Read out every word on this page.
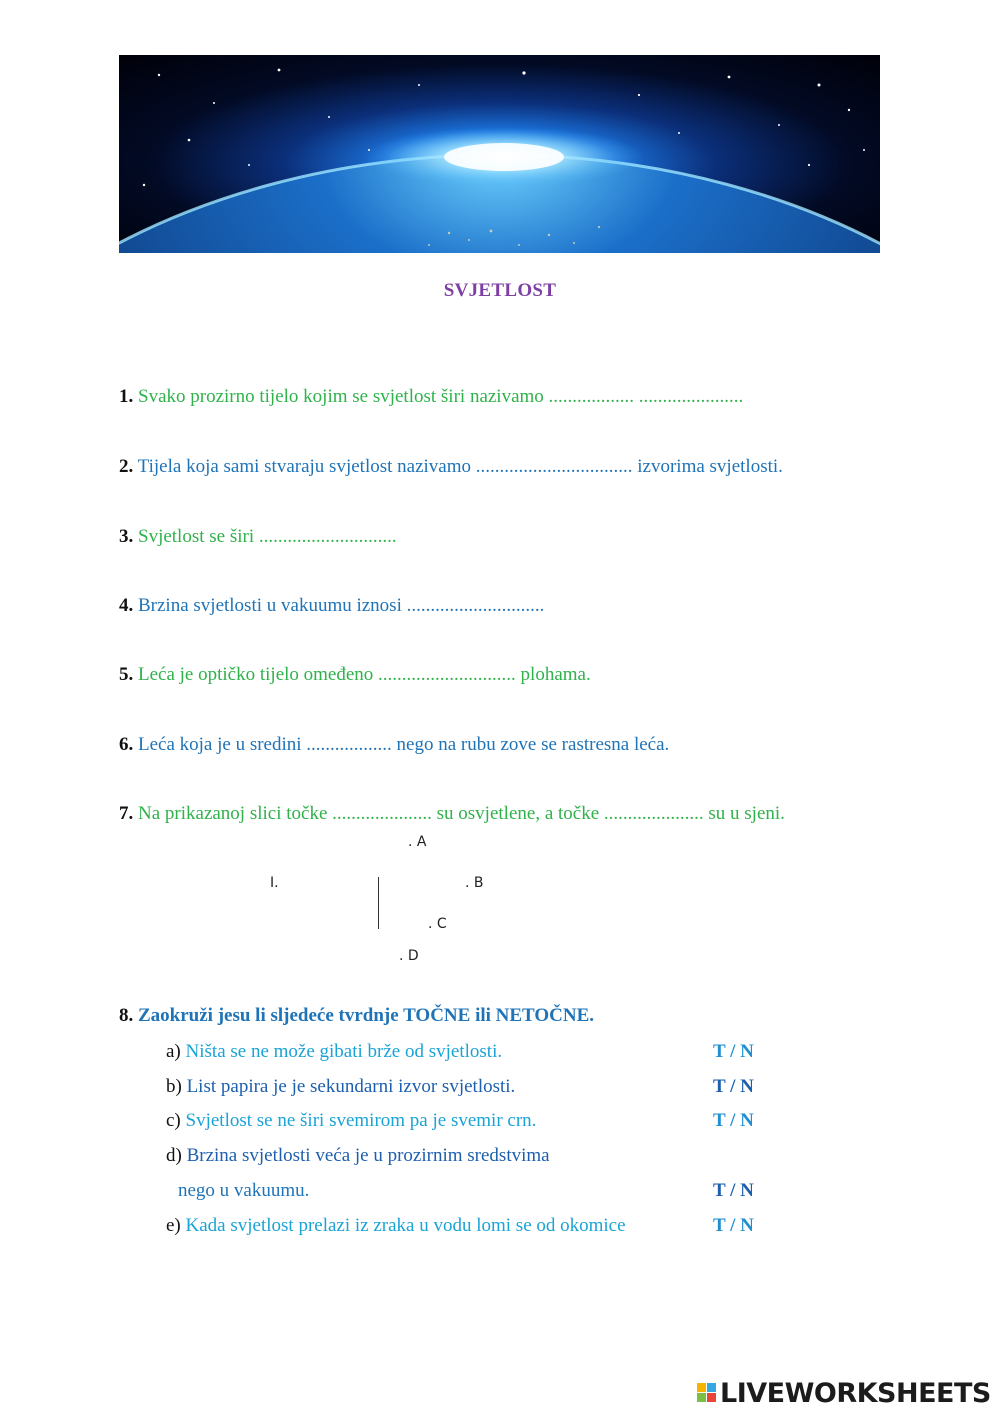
SVJETLOST
1. Svako prozirno tijelo kojim se svjetlost širi nazivamo .................. ......................
2. Tijela koja sami stvaraju svjetlost nazivamo ................................. izvorima svjetlosti.
3. Svjetlost se širi .............................
4. Brzina svjetlosti u vakuumu iznosi .............................
5. Leća je optičko tijelo omeđeno ............................. plohama.
6. Leća koja je u sredini .................. nego na rubu zove se rastresna leća.
7. Na prikazanoj slici točke ..................... su osvjetlene, a točke ..................... su u sjeni.
. A
I.	. B
. C
. D
8. Zaokruži jesu li sljedeće tvrdnje TOČNE ili NETOČNE.
a) Ništa se ne može gibati brže od svjetlosti.	T / N
b) List papira je je sekundarni izvor svjetlosti.	T / N
c) Svjetlost se ne širi svemirom pa je svemir crn.	T / N
d) Brzina svjetlosti veća je u prozirnim sredstvima
nego u vakuumu.	T / N
e) Kada svjetlost prelazi iz zraka u vodu lomi se od okomice	T / N
LIVEWORKSHEETS
